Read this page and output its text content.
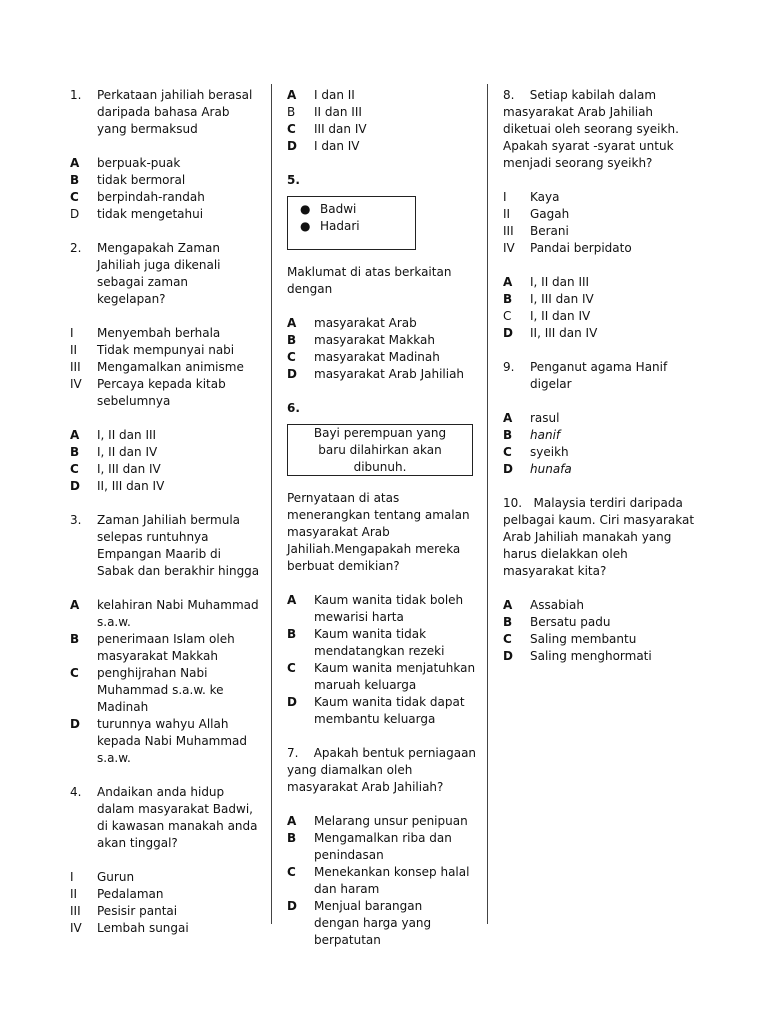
1.	Perkataan jahiliah berasal daripada bahasa Arab yang bermaksud
A	berpuak-puak
B	tidak bermoral
C	berpindah-randah
D	tidak mengetahui
2.	Mengapakah Zaman Jahiliah juga dikenali sebagai zaman kegelapan?
I	Menyembah berhala
II	Tidak mempunyai nabi
III	Mengamalkan animisme
IV	Percaya kepada kitab sebelumnya
A	I, II dan III
B	I, II dan IV
C	I, III dan IV
D	II, III dan IV
3.	Zaman Jahiliah bermula selepas runtuhnya Empangan Maarib di Sabak dan berakhir hingga
A	kelahiran Nabi Muhammad s.a.w.
B	penerimaan Islam oleh masyarakat Makkah
C	penghijrahan Nabi Muhammad s.a.w. ke Madinah
D	turunnya wahyu Allah kepada Nabi Muhammad s.a.w.
4.	Andaikan anda hidup dalam masyarakat Badwi, di kawasan manakah anda akan tinggal?
I	Gurun
II	Pedalaman
III	Pesisir pantai
IV	Lembah sungai
A	I dan II
B	II dan III
C	III dan IV
D	I dan IV
5.
● Badwi
● Hadari
Maklumat di atas berkaitan dengan
A	masyarakat Arab
B	masyarakat Makkah
C	masyarakat Madinah
D	masyarakat Arab Jahiliah
6.
Bayi perempuan yang baru dilahirkan akan dibunuh.
Pernyataan di atas menerangkan tentang amalan masyarakat Arab Jahiliah.Mengapakah mereka berbuat demikian?
A	Kaum wanita tidak boleh mewarisi harta
B	Kaum wanita tidak mendatangkan rezeki
C	Kaum wanita menjatuhkan maruah keluarga
D	Kaum wanita tidak dapat membantu keluarga
7. Apakah bentuk perniagaan yang diamalkan oleh masyarakat Arab Jahiliah?
A	Melarang unsur penipuan
B	Mengamalkan riba dan penindasan
C	Menekankan konsep halal dan haram
D	Menjual barangan   dengan harga yang berpatutan
8. Setiap kabilah dalam masyarakat Arab Jahiliah diketuai oleh seorang syeikh. Apakah syarat -syarat untuk menjadi seorang syeikh?
I	Kaya
II	Gagah
III	Berani
IV	Pandai berpidato
A	I, II dan III
B	I, III dan IV
C	I, II dan IV
D	II, III dan IV
9.	Penganut agama Hanif digelar
A	rasul
B	hanif
C	syeikh
D	hunafa
10. Malaysia terdiri daripada pelbagai kaum. Ciri masyarakat Arab Jahiliah manakah yang harus dielakkan oleh masyarakat kita?
A	Assabiah
B	Bersatu padu
C	Saling membantu
D	Saling menghormati
